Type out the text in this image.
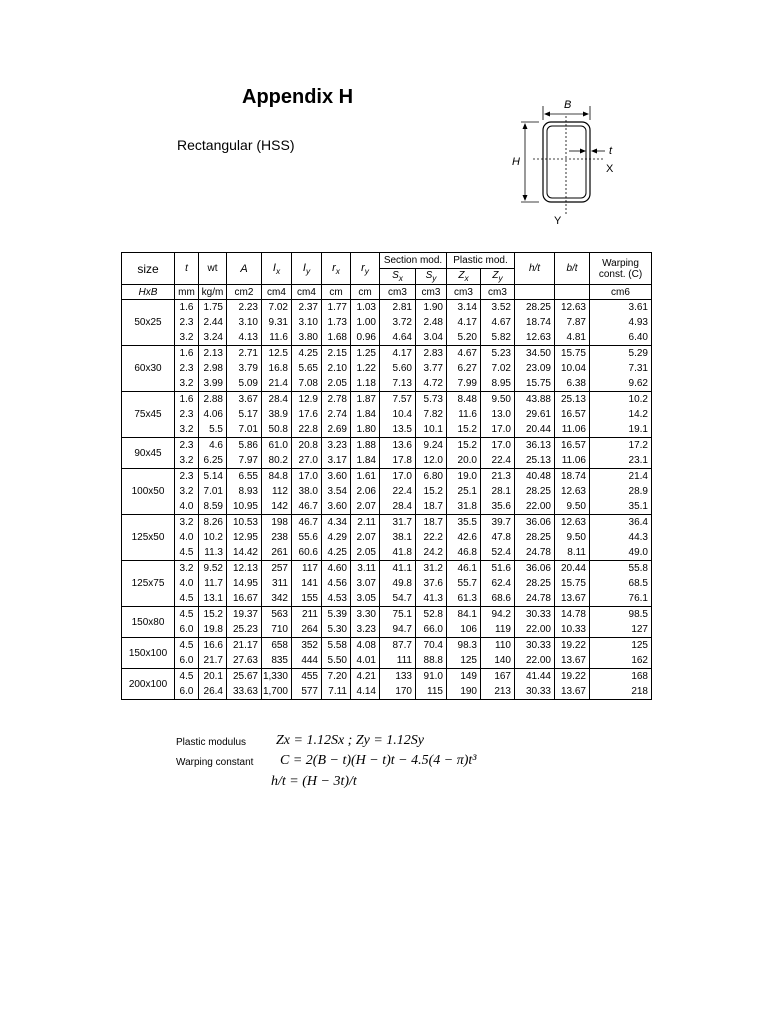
Appendix H
Rectangular (HSS)
B
H
t
X
Y
size	t	wt	A	$I_x$	$I_y$	$r_x$	$r_y$	Section mod.		Plastic mod.		h/t	b/t	Warping
const. (C)

								$S_x$	$S_y$	$Z_x$	$Z_y$
HxB	mm	kg/m	cm2	cm4	cm4	cm	cm	cm3	cm3	cm3	cm3			cm6
50x25	1.6	1.75	2.23	7.02	2.37	1.77	1.03	2.81	1.90	3.14	3.52	28.25	12.63	3.61
	2.3	2.44	3.10	9.31	3.10	1.73	1.00	3.72	2.48	4.17	4.67	18.74	7.87	4.93
	3.2	3.24	4.13	11.6	3.80	1.68	0.96	4.64	3.04	5.20	5.82	12.63	4.81	6.40
60x30	1.6	2.13	2.71	12.5	4.25	2.15	1.25	4.17	2.83	4.67	5.23	34.50	15.75	5.29
	2.3	2.98	3.79	16.8	5.65	2.10	1.22	5.60	3.77	6.27	7.02	23.09	10.04	7.31
	3.2	3.99	5.09	21.4	7.08	2.05	1.18	7.13	4.72	7.99	8.95	15.75	6.38	9.62
75x45	1.6	2.88	3.67	28.4	12.9	2.78	1.87	7.57	5.73	8.48	9.50	43.88	25.13	10.2
	2.3	4.06	5.17	38.9	17.6	2.74	1.84	10.4	7.82	11.6	13.0	29.61	16.57	14.2
	3.2	5.5	7.01	50.8	22.8	2.69	1.80	13.5	10.1	15.2	17.0	20.44	11.06	19.1
90x45	2.3	4.6	5.86	61.0	20.8	3.23	1.88	13.6	9.24	15.2	17.0	36.13	16.57	17.2
	3.2	6.25	7.97	80.2	27.0	3.17	1.84	17.8	12.0	20.0	22.4	25.13	11.06	23.1
100x50	2.3	5.14	6.55	84.8	17.0	3.60	1.61	17.0	6.80	19.0	21.3	40.48	18.74	21.4
	3.2	7.01	8.93	112	38.0	3.54	2.06	22.4	15.2	25.1	28.1	28.25	12.63	28.9
	4.0	8.59	10.95	142	46.7	3.60	2.07	28.4	18.7	31.8	35.6	22.00	9.50	35.1
125x50	3.2	8.26	10.53	198	46.7	4.34	2.11	31.7	18.7	35.5	39.7	36.06	12.63	36.4
	4.0	10.2	12.95	238	55.6	4.29	2.07	38.1	22.2	42.6	47.8	28.25	9.50	44.3
	4.5	11.3	14.42	261	60.6	4.25	2.05	41.8	24.2	46.8	52.4	24.78	8.11	49.0
125x75	3.2	9.52	12.13	257	117	4.60	3.11	41.1	31.2	46.1	51.6	36.06	20.44	55.8
	4.0	11.7	14.95	311	141	4.56	3.07	49.8	37.6	55.7	62.4	28.25	15.75	68.5
	4.5	13.1	16.67	342	155	4.53	3.05	54.7	41.3	61.3	68.6	24.78	13.67	76.1
150x80	4.5	15.2	19.37	563	211	5.39	3.30	75.1	52.8	84.1	94.2	30.33	14.78	98.5
	6.0	19.8	25.23	710	264	5.30	3.23	94.7	66.0	106	119	22.00	10.33	127
150x100	4.5	16.6	21.17	658	352	5.58	4.08	87.7	70.4	98.3	110	30.33	19.22	125
	6.0	21.7	27.63	835	444	5.50	4.01	111	88.8	125	140	22.00	13.67	162
200x100	4.5	20.1	25.67	1,330	455	7.20	4.21	133	91.0	149	167	41.44	19.22	168
	6.0	26.4	33.63	1,700	577	7.11	4.14	170	115	190	213	30.33	13.67	218
Plastic modulus Zx = 1.12Sx ; Zy = 1.12Sy
Warping constant C = 2(B − t)(H − t)t − 4.5(4 − π)t³
h/t = (H − 3t)/t
